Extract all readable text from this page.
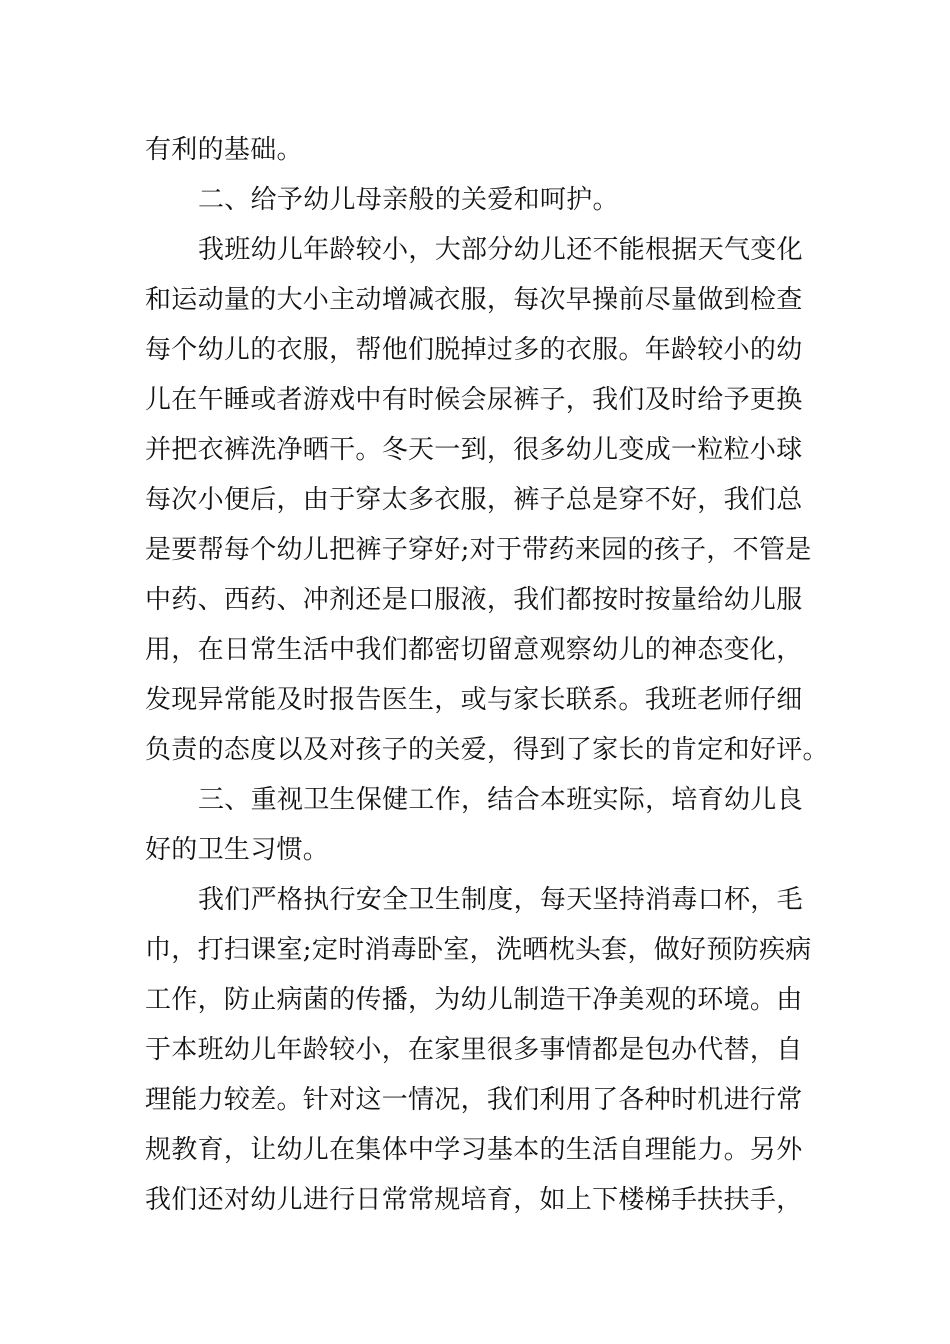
有利的基础。
二、给予幼儿母亲般的关爱和呵护。
我班幼儿年龄较小，大部分幼儿还不能根据天气变化
和运动量的大小主动增减衣服，每次早操前尽量做到检查
每个幼儿的衣服，帮他们脱掉过多的衣服。年龄较小的幼
儿在午睡或者游戏中有时候会尿裤子，我们及时给予更换
并把衣裤洗净晒干。冬天一到，很多幼儿变成一粒粒小球
每次小便后，由于穿太多衣服，裤子总是穿不好，我们总
是要帮每个幼儿把裤子穿好;对于带药来园的孩子，不管是
中药、西药、冲剂还是口服液，我们都按时按量给幼儿服
用，在日常生活中我们都密切留意观察幼儿的神态变化，
发现异常能及时报告医生，或与家长联系。我班老师仔细
负责的态度以及对孩子的关爱，得到了家长的肯定和好评。
三、重视卫生保健工作，结合本班实际，培育幼儿良
好的卫生习惯。
我们严格执行安全卫生制度，每天坚持消毒口杯，毛
巾，打扫课室;定时消毒卧室，洗晒枕头套，做好预防疾病
工作，防止病菌的传播，为幼儿制造干净美观的环境。由
于本班幼儿年龄较小，在家里很多事情都是包办代替，自
理能力较差。针对这一情况，我们利用了各种时机进行常
规教育，让幼儿在集体中学习基本的生活自理能力。另外
我们还对幼儿进行日常常规培育，如上下楼梯手扶扶手，
